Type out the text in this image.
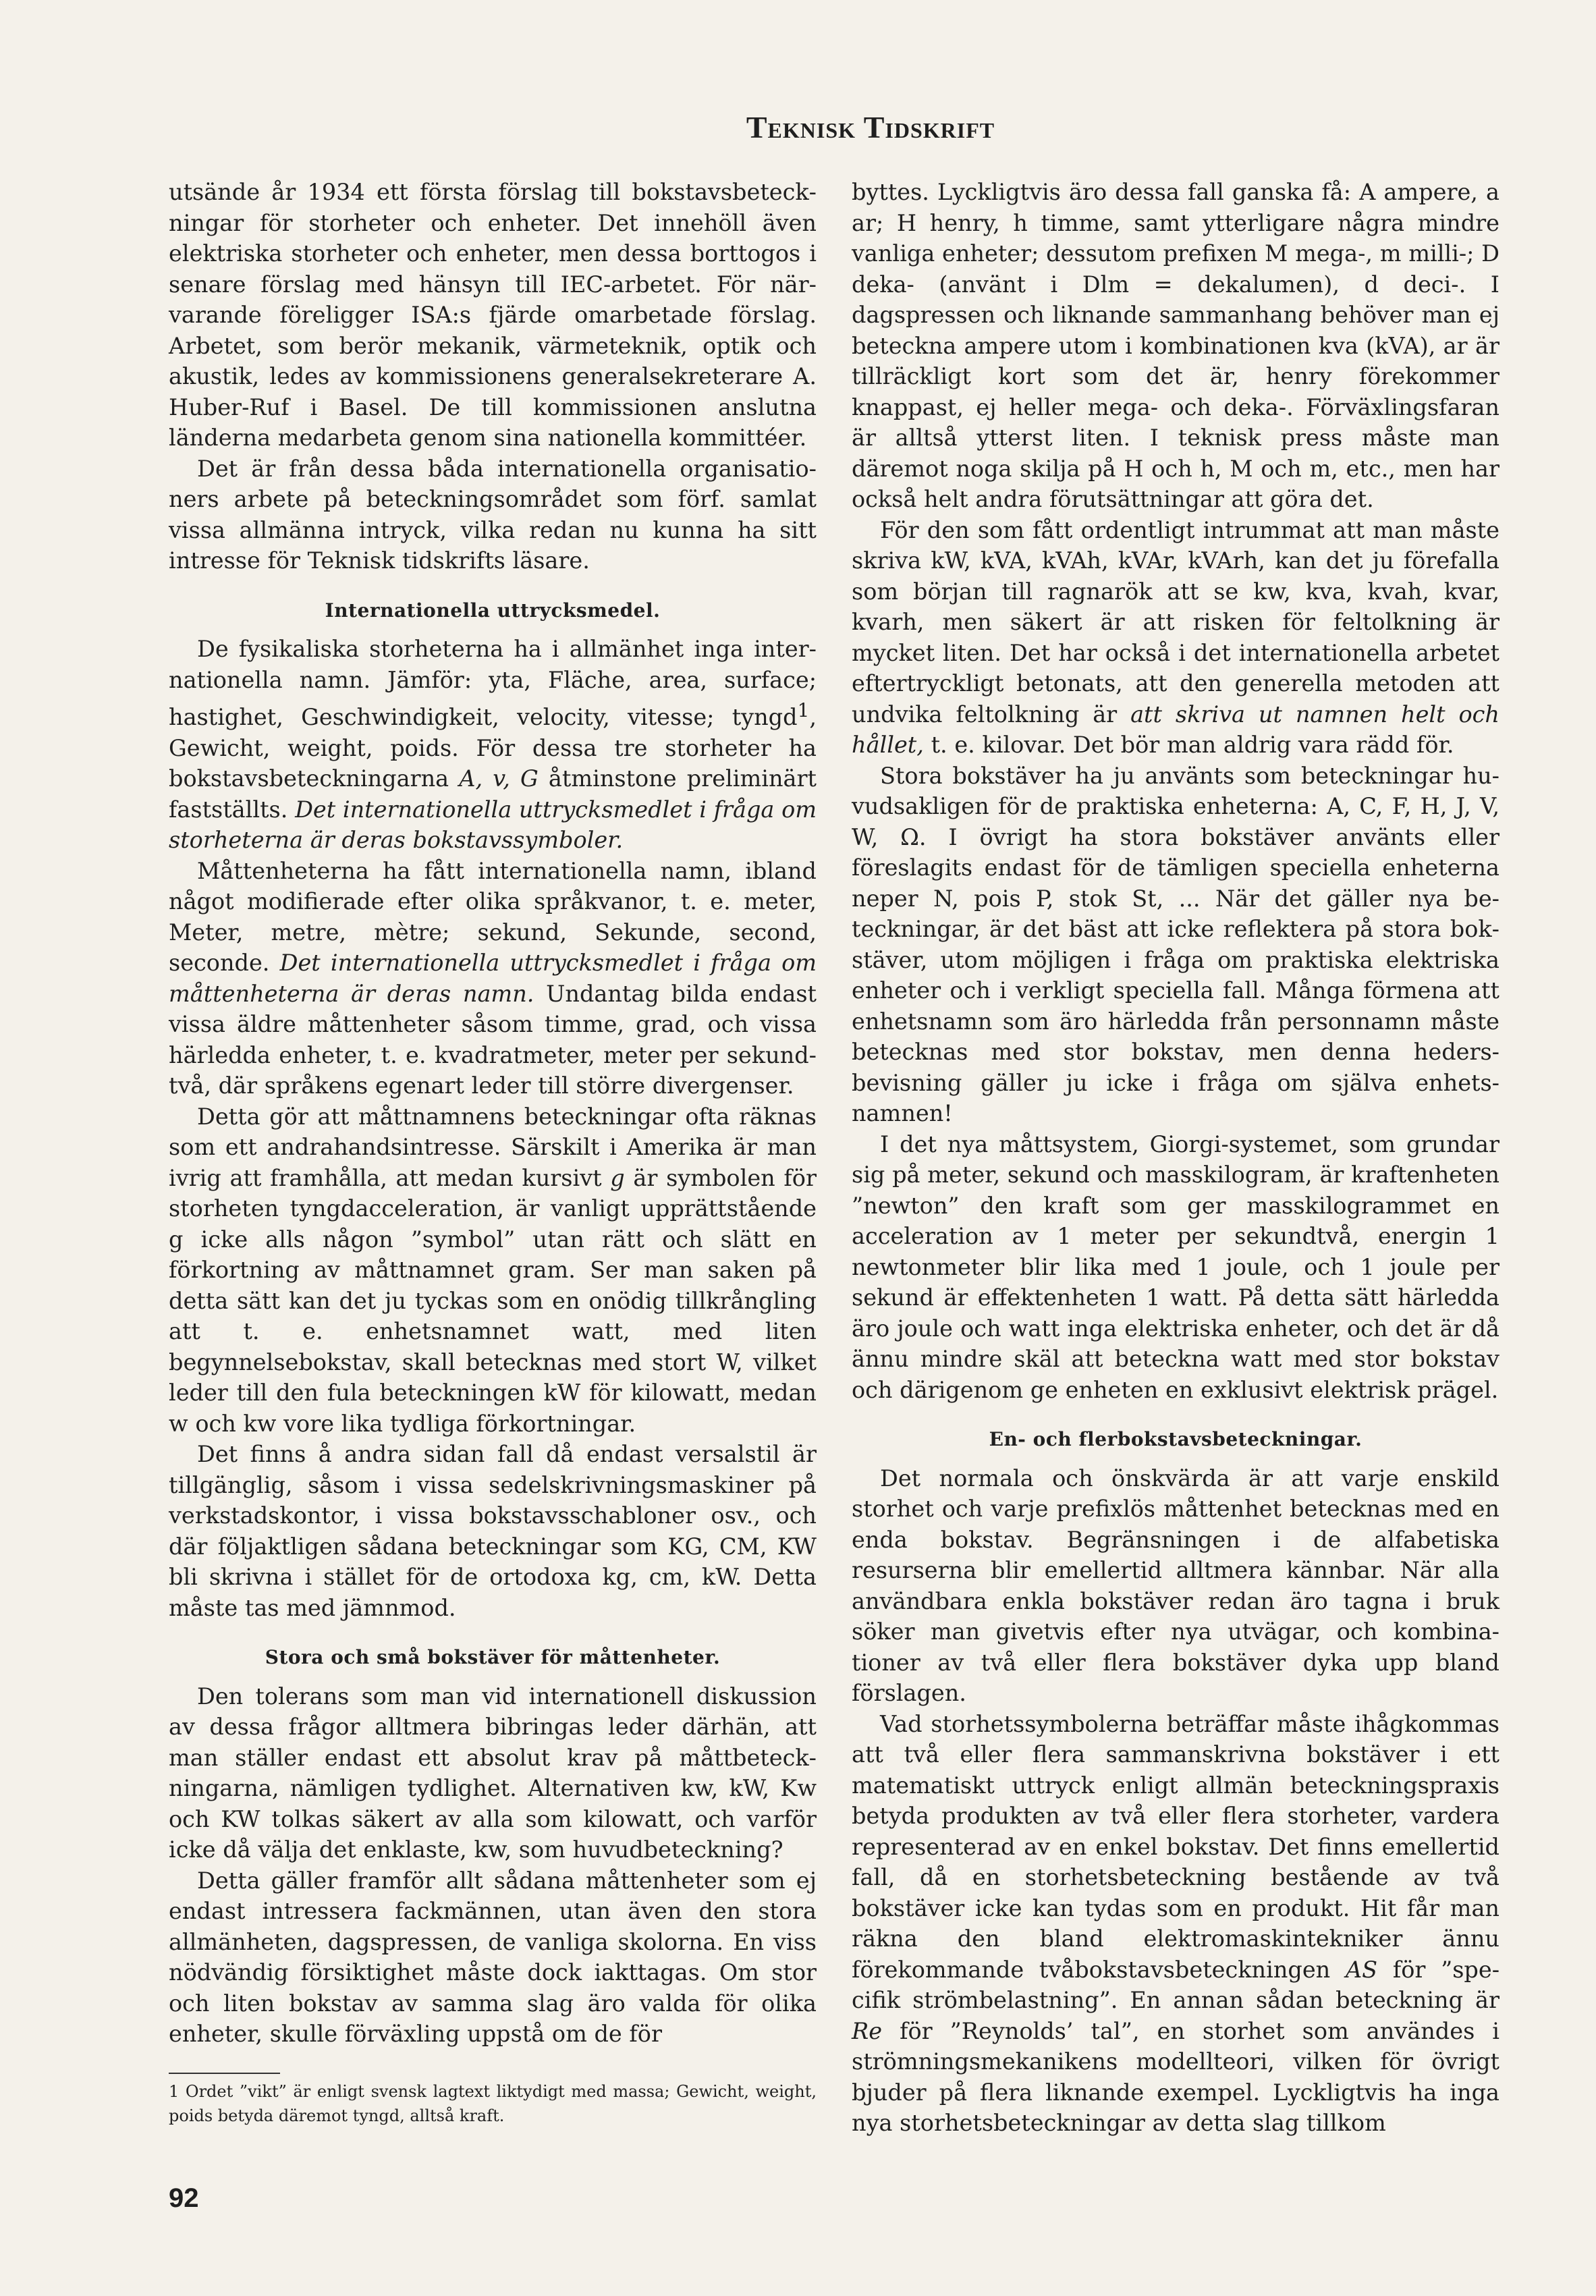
Teknisk Tidskrift

utsände år 1934 ett första förslag till bokstavsbeteckningar för storheter och enheter. Det innehöll även elektriska storheter och enheter, men dessa borttogos i senare förslag med hänsyn till IEC-arbetet. För närvarande föreligger ISA:s fjärde omarbetade förslag. Arbetet, som berör mekanik, värmeteknik, optik och akustik, ledes av kommissionens generalsekreterare A. Huber-Ruf i Basel. De till kommissionen anslutna länderna medarbeta genom sina nationella kommittéer.

Det är från dessa båda internationella organisationers arbete på beteckningsområdet som förf. samlat vissa allmänna intryck, vilka redan nu kunna ha sitt intresse för Teknisk tidskrifts läsare.

Internationella uttrycksmedel.

De fysikaliska storheterna ha i allmänhet inga internationella namn. Jämför: yta, Fläche, area, surface; hastighet, Geschwindigkeit, velocity, vitesse; tyngd$^1$, Gewicht, weight, poids. För dessa tre storheter ha bokstavsbeteckningarna A, v, G åtminstone preliminärt fastställts. Det internationella uttrycksmedlet i fråga om storheterna är deras bokstavssymboler.

Måttenheterna ha fått internationella namn, ibland något modifierade efter olika språkvanor, t. e. meter, Meter, metre, mètre; sekund, Sekunde, second, seconde. Det internationella uttrycksmedlet i fråga om måttenheterna är deras namn. Undantag bilda endast vissa äldre måttenheter såsom timme, grad, och vissa härledda enheter, t. e. kvadratmeter, meter per sekundtvå, där språkens egenart leder till större divergenser.

Detta gör att måttnamnens beteckningar ofta räknas som ett andrahandsintresse. Särskilt i Amerika är man ivrig att framhålla, att medan kursivt g är symbolen för storheten tyngdacceleration, är vanligt upprättstående g icke alls någon ”symbol” utan rätt och slätt en förkortning av måttnamnet gram. Ser man saken på detta sätt kan det ju tyckas som en onödig tillkrångling att t. e. enhetsnamnet watt, med liten begynnelsebokstav, skall betecknas med stort W, vilket leder till den fula beteckningen kW för kilowatt, medan w och kw vore lika tydliga förkortningar.

Det finns å andra sidan fall då endast versalstil är tillgänglig, såsom i vissa sedelskrivningsmaskiner på verkstadskontor, i vissa bokstavsschabloner osv., och där följaktligen sådana beteckningar som KG, CM, KW bli skrivna i stället för de ortodoxa kg, cm, kW. Detta måste tas med jämnmod.

Stora och små bokstäver för måttenheter.

Den tolerans som man vid internationell diskussion av dessa frågor alltmera bibringas leder därhän, att man ställer endast ett absolut krav på måttbeteckningarna, nämligen tydlighet. Alternativen kw, kW, Kw och KW tolkas säkert av alla som kilowatt, och varför icke då välja det enklaste, kw, som huvudbeteckning?

Detta gäller framför allt sådana måttenheter som ej endast intressera fackmännen, utan även den stora allmänheten, dagspressen, de vanliga skolorna. En viss nödvändig försiktighet måste dock iakttagas. Om stor och liten bokstav av samma slag äro valda för olika enheter, skulle förväxling uppstå om de för

1 Ordet ”vikt” är enligt svensk lagtext liktydigt med massa; Gewicht, weight, poids betyda däremot tyngd, alltså kraft.

byttes. Lyckligtvis äro dessa fall ganska få: A ampere, a ar; H henry, h timme, samt ytterligare några mindre vanliga enheter; dessutom prefixen M mega-, m milli-; D deka- (använt i Dlm = dekalumen), d deci-. I dagspressen och liknande sammanhang behöver man ej beteckna ampere utom i kombinationen kva (kVA), ar är tillräckligt kort som det är, henry förekommer knappast, ej heller mega- och deka-. Förväxlingsfaran är alltså ytterst liten. I teknisk press måste man däremot noga skilja på H och h, M och m, etc., men har också helt andra förutsättningar att göra det.

För den som fått ordentligt intrummat att man måste skriva kW, kVA, kVAh, kVAr, kVArh, kan det ju förefalla som början till ragnarök att se kw, kva, kvah, kvar, kvarh, men säkert är att risken för feltolkning är mycket liten. Det har också i det internationella arbetet eftertryckligt betonats, att den generella metoden att undvika feltolkning är att skriva ut namnen helt och hållet, t. e. kilovar. Det bör man aldrig vara rädd för.

Stora bokstäver ha ju använts som beteckningar huvudsakligen för de praktiska enheterna: A, C, F, H, J, V, W, Ω. I övrigt ha stora bokstäver använts eller föreslagits endast för de tämligen speciella enheterna neper N, pois P, stok St, ... När det gäller nya beteckningar, är det bäst att icke reflektera på stora bokstäver, utom möjligen i fråga om praktiska elektriska enheter och i verkligt speciella fall. Många förmena att enhetsnamn som äro härledda från personnamn måste betecknas med stor bokstav, men denna hedersbevisning gäller ju icke i fråga om själva enhetsnamnen!

I det nya måttsystem, Giorgi-systemet, som grundar sig på meter, sekund och masskilogram, är kraftenheten ”newton” den kraft som ger masskilogrammet en acceleration av 1 meter per sekundtvå, energin 1 newtonmeter blir lika med 1 joule, och 1 joule per sekund är effektenheten 1 watt. På detta sätt härledda äro joule och watt inga elektriska enheter, och det är då ännu mindre skäl att beteckna watt med stor bokstav och därigenom ge enheten en exklusivt elektrisk prägel.

En- och flerbokstavsbeteckningar.

Det normala och önskvärda är att varje enskild storhet och varje prefixlös måttenhet betecknas med en enda bokstav. Begränsningen i de alfabetiska resurserna blir emellertid alltmera kännbar. När alla användbara enkla bokstäver redan äro tagna i bruk söker man givetvis efter nya utvägar, och kombinationer av två eller flera bokstäver dyka upp bland förslagen.

Vad storhetssymbolerna beträffar måste ihågkommas att två eller flera sammanskrivna bokstäver i ett matematiskt uttryck enligt allmän beteckningspraxis betyda produkten av två eller flera storheter, vardera representerad av en enkel bokstav. Det finns emellertid fall, då en storhetsbeteckning bestående av två bokstäver icke kan tydas som en produkt. Hit får man räkna den bland elektromaskintekniker ännu förekommande tvåbokstavsbeteckningen AS för ”specifik strömbelastning”. En annan sådan beteckning är Re för ”Reynolds’ tal”, en storhet som användes i strömningsmekanikens modellteori, vilken för övrigt bjuder på flera liknande exempel. Lyckligtvis ha inga nya storhetsbeteckningar av detta slag tillkom

92
